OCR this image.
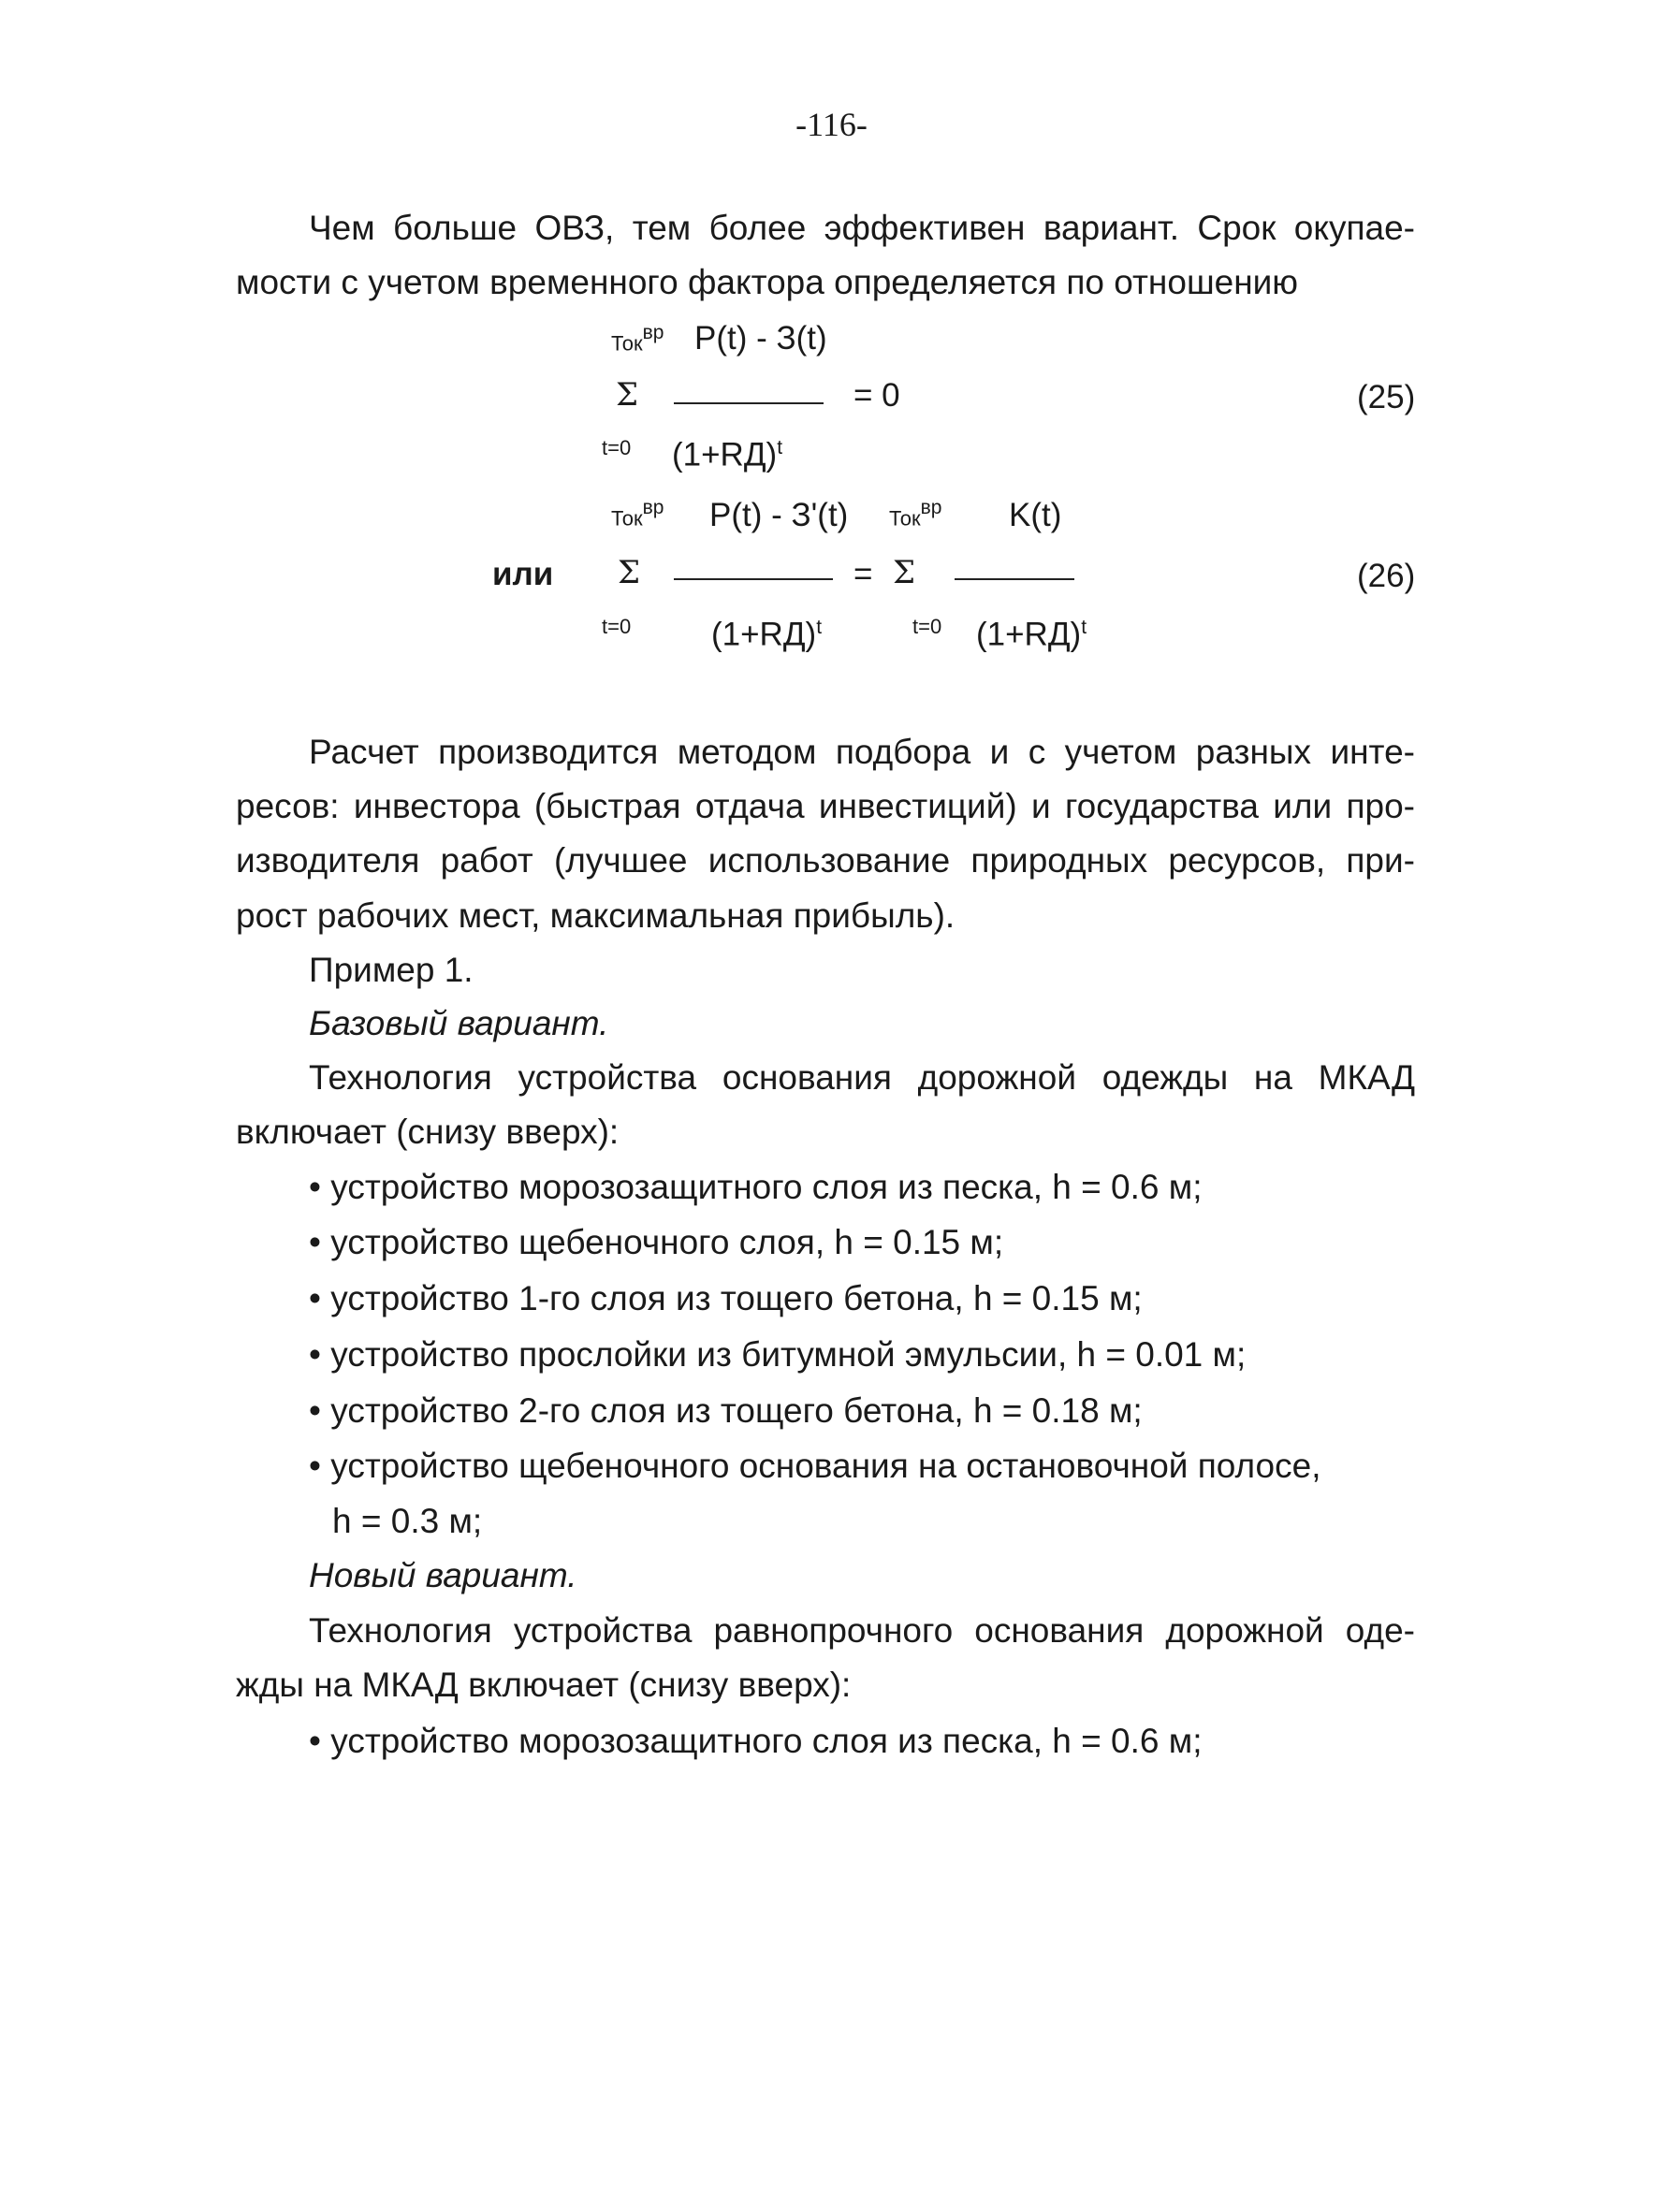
-116-
Чем больше ОВЗ, тем более эффективен вариант. Срок окупае-
мости с учетом временного фактора определяется по отношению
Ток$^{вр}$ Р(t) - З(t)
Σ	= 0
t=0 $(1+RД)^t$
(25)
или
Ток$^{вр}$ Р(t) - З'(t)
Σ
t=0 $(1+RД)^t$
=
Ток$^{вр}$ K(t)
Σ
t=0 $(1+RД)^t$
(26)
Расчет производится методом подбора и с учетом разных инте-
ресов: инвестора (быстрая отдача инвестиций) и государства или про-
изводителя работ (лучшее использование природных ресурсов, при-
рост рабочих мест, максимальная прибыль).
Пример 1.
Базовый вариант.
Технология устройства основания дорожной одежды на МКАД
включает (снизу вверх):
• устройство морозозащитного слоя из песка, h = 0.6 м;
• устройство щебеночного слоя, h = 0.15 м;
• устройство 1-го слоя из тощего бетона, h = 0.15 м;
• устройство прослойки из битумной эмульсии, h = 0.01 м;
• устройство 2-го слоя из тощего бетона, h = 0.18 м;
• устройство щебеночного основания на остановочной полосе,
h = 0.3 м;
Новый вариант.
Технология устройства равнопрочного основания дорожной оде-
жды на МКАД включает (снизу вверх):
• устройство морозозащитного слоя из песка, h = 0.6 м;
